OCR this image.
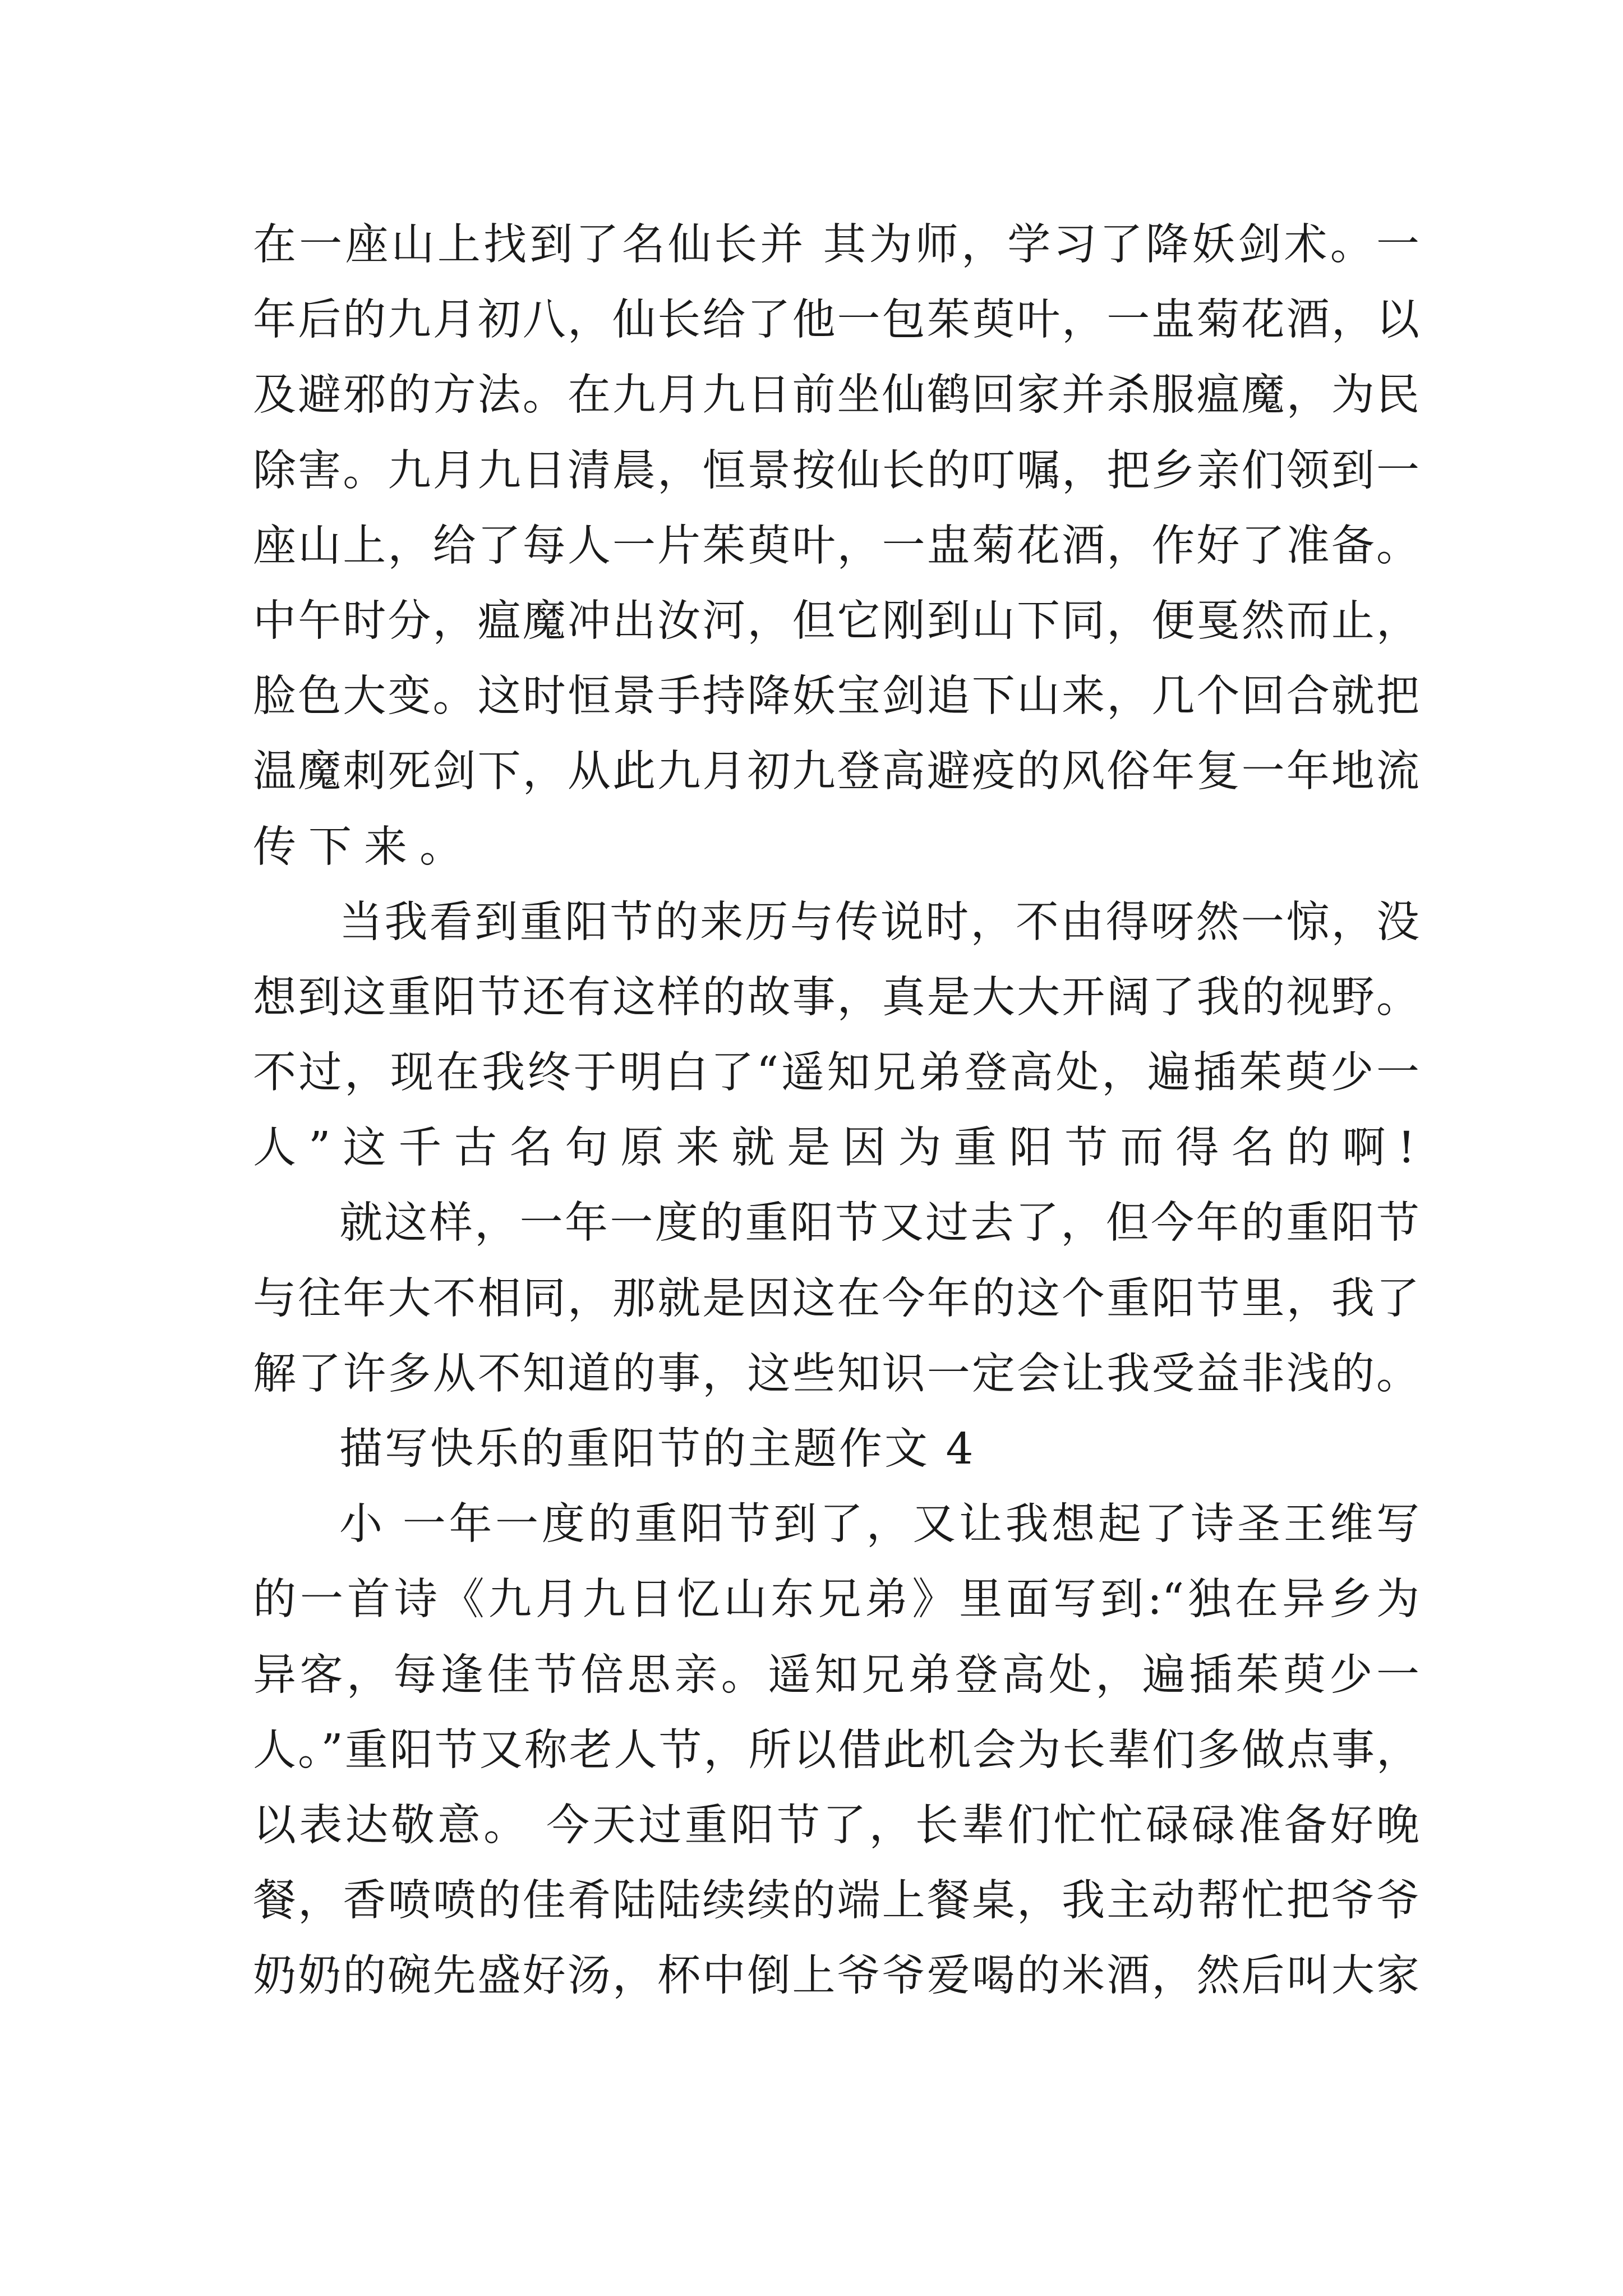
在一座山上找到了名仙长并 其为师，学习了降妖剑术。一
年后的九月初八，仙长给了他一包茱萸叶，一盅菊花酒，以
及避邪的方法。在九月九日前坐仙鹤回家并杀服瘟魔，为民
除害。九月九日清晨，恒景按仙长的叮嘱，把乡亲们领到一
座山上，给了每人一片茱萸叶，一盅菊花酒，作好了准备。
中午时分，瘟魔冲出汝河，但它刚到山下同，便戛然而止，
脸色大变。这时恒景手持降妖宝剑追下山来，几个回合就把
温魔刺死剑下，从此九月初九登高避疫的风俗年复一年地流
传下来。
当我看到重阳节的来历与传说时，不由得呀然一惊，没
想到这重阳节还有这样的故事，真是大大开阔了我的视野。
不过，现在我终于明白了“遥知兄弟登高处，遍插茱萸少一
人”这千古名句原来就是因为重阳节而得名的啊!
就这样，一年一度的重阳节又过去了，但今年的重阳节
与往年大不相同，那就是因这在今年的这个重阳节里，我了
解了许多从不知道的事，这些知识一定会让我受益非浅的。
描写快乐的重阳节的主题作文 4
小 一年一度的重阳节到了，又让我想起了诗圣王维写
的一首诗《九月九日忆山东兄弟》里面写到:“独在异乡为
异客，每逢佳节倍思亲。遥知兄弟登高处，遍插茱萸少一
人。”重阳节又称老人节，所以借此机会为长辈们多做点事，
以表达敬意。 今天过重阳节了，长辈们忙忙碌碌准备好晚
餐，香喷喷的佳肴陆陆续续的端上餐桌，我主动帮忙把爷爷
奶奶的碗先盛好汤，杯中倒上爷爷爱喝的米酒，然后叫大家
